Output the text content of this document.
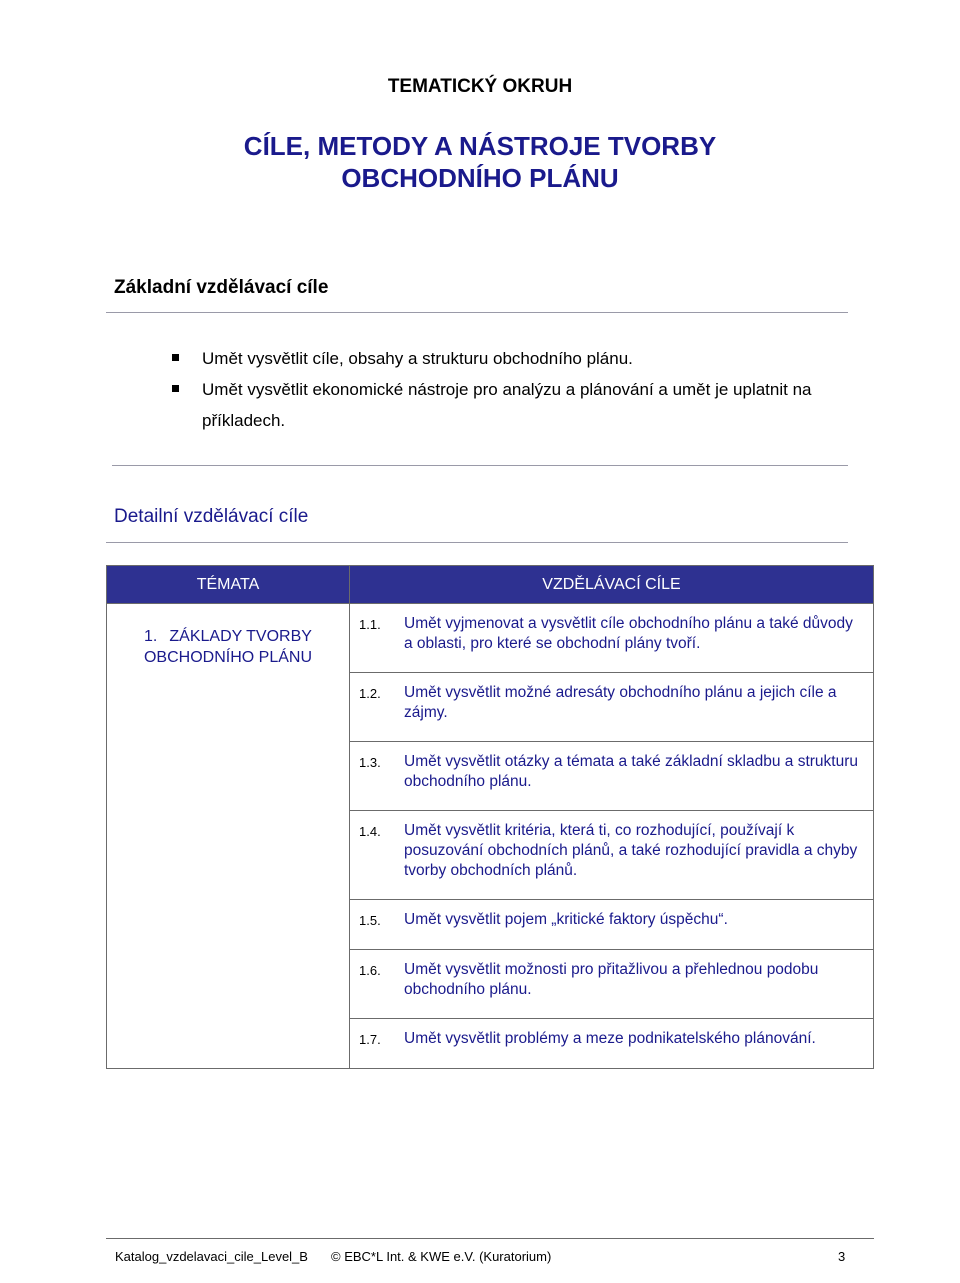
TEMATICKÝ OKRUH
CÍLE, METODY A NÁSTROJE TVORBY
OBCHODNÍHO PLÁNU
Základní vzdělávací cíle
Umět vysvětlit cíle, obsahy a strukturu obchodního plánu.
Umět vysvětlit ekonomické nástroje pro analýzu a plánování a umět je uplatnit na příkladech.
Detailní vzdělávací cíle
TÉMATA	VZDĚLÁVACÍ CÍLE
1. ZÁKLADY TVORBY
OBCHODNÍHO PLÁNU	1.1. Umět vyjmenovat a vysvětlit cíle obchodního plánu a také důvody a oblasti, pro které se obchodní plány tvoří.

	1.2. Umět vysvětlit možné adresáty obchodního plánu a jejich cíle a zájmy.

	1.3. Umět vysvětlit otázky a témata a také základní skladbu a strukturu obchodního plánu.

	1.4. Umět vysvětlit kritéria, která ti, co rozhodující, používají k posuzování obchodních plánů, a také rozhodující pravidla a chyby tvorby obchodních plánů.

	1.5. Umět vysvětlit pojem „kritické faktory úspěchu“.

	1.6. Umět vysvětlit možnosti pro přitažlivou a přehlednou podobu obchodního plánu.

	1.7. Umět vysvětlit problémy a meze podnikatelského plánování.
Katalog_vzdelavaci_cile_Level_B © EBC*L Int. & KWE e.V. (Kuratorium)	3
